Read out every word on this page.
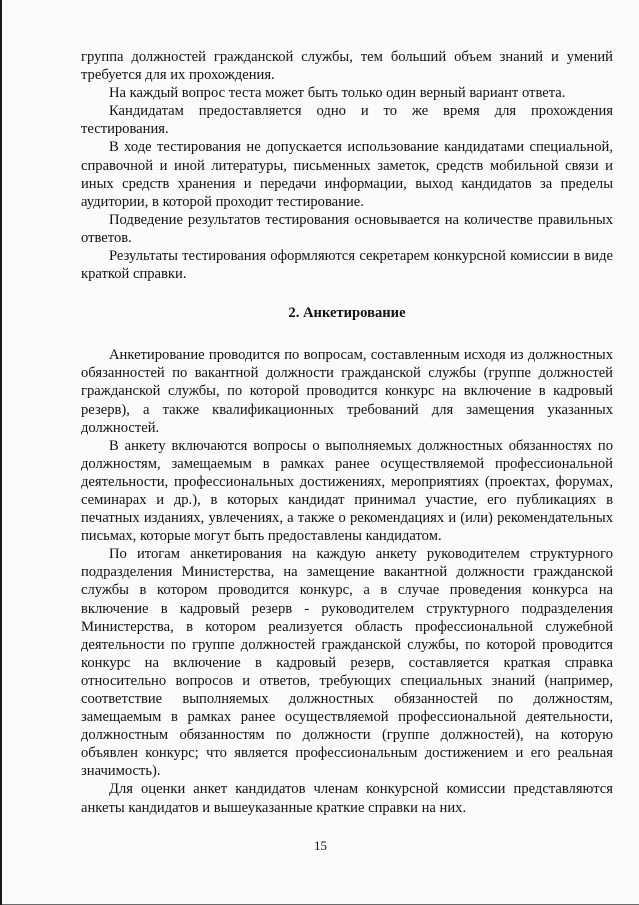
группа должностей гражданской службы, тем больший объем знаний и умений требуется для их прохождения.

На каждый вопрос теста может быть только один верный вариант ответа.

Кандидатам предоставляется одно и то же время для прохождения тестирования.

В ходе тестирования не допускается использование кандидатами специальной, справочной и иной литературы, письменных заметок, средств мобильной связи и иных средств хранения и передачи информации, выход кандидатов за пределы аудитории, в которой проходит тестирование.

Подведение результатов тестирования основывается на количестве правильных ответов.

Результаты тестирования оформляются секретарем конкурсной комиссии в виде краткой справки.

2. Анкетирование

Анкетирование проводится по вопросам, составленным исходя из должностных обязанностей по вакантной должности гражданской службы (группе должностей гражданской службы, по которой проводится конкурс на включение в кадровый резерв), а также квалификационных требований для замещения указанных должностей.

В анкету включаются вопросы о выполняемых должностных обязанностях по должностям, замещаемым в рамках ранее осуществляемой профессиональной деятельности, профессиональных достижениях, мероприятиях (проектах, форумах, семинарах и др.), в которых кандидат принимал участие, его публикациях в печатных изданиях, увлечениях, а также о рекомендациях и (или) рекомендательных письмах, которые могут быть предоставлены кандидатом.

По итогам анкетирования на каждую анкету руководителем структурного подразделения Министерства, на замещение вакантной должности гражданской службы в котором проводится конкурс, а в случае проведения конкурса на включение в кадровый резерв - руководителем структурного подразделения Министерства, в котором реализуется область профессиональной служебной деятельности по группе должностей гражданской службы, по которой проводится конкурс на включение в кадровый резерв, составляется краткая справка относительно вопросов и ответов, требующих специальных знаний (например, соответствие выполняемых должностных обязанностей по должностям, замещаемым в рамках ранее осуществляемой профессиональной деятельности, должностным обязанностям по должности (группе должностей), на которую объявлен конкурс; что является профессиональным достижением и его реальная значимость).

Для оценки анкет кандидатов членам конкурсной комиссии представляются анкеты кандидатов и вышеуказанные краткие справки на них.

15
